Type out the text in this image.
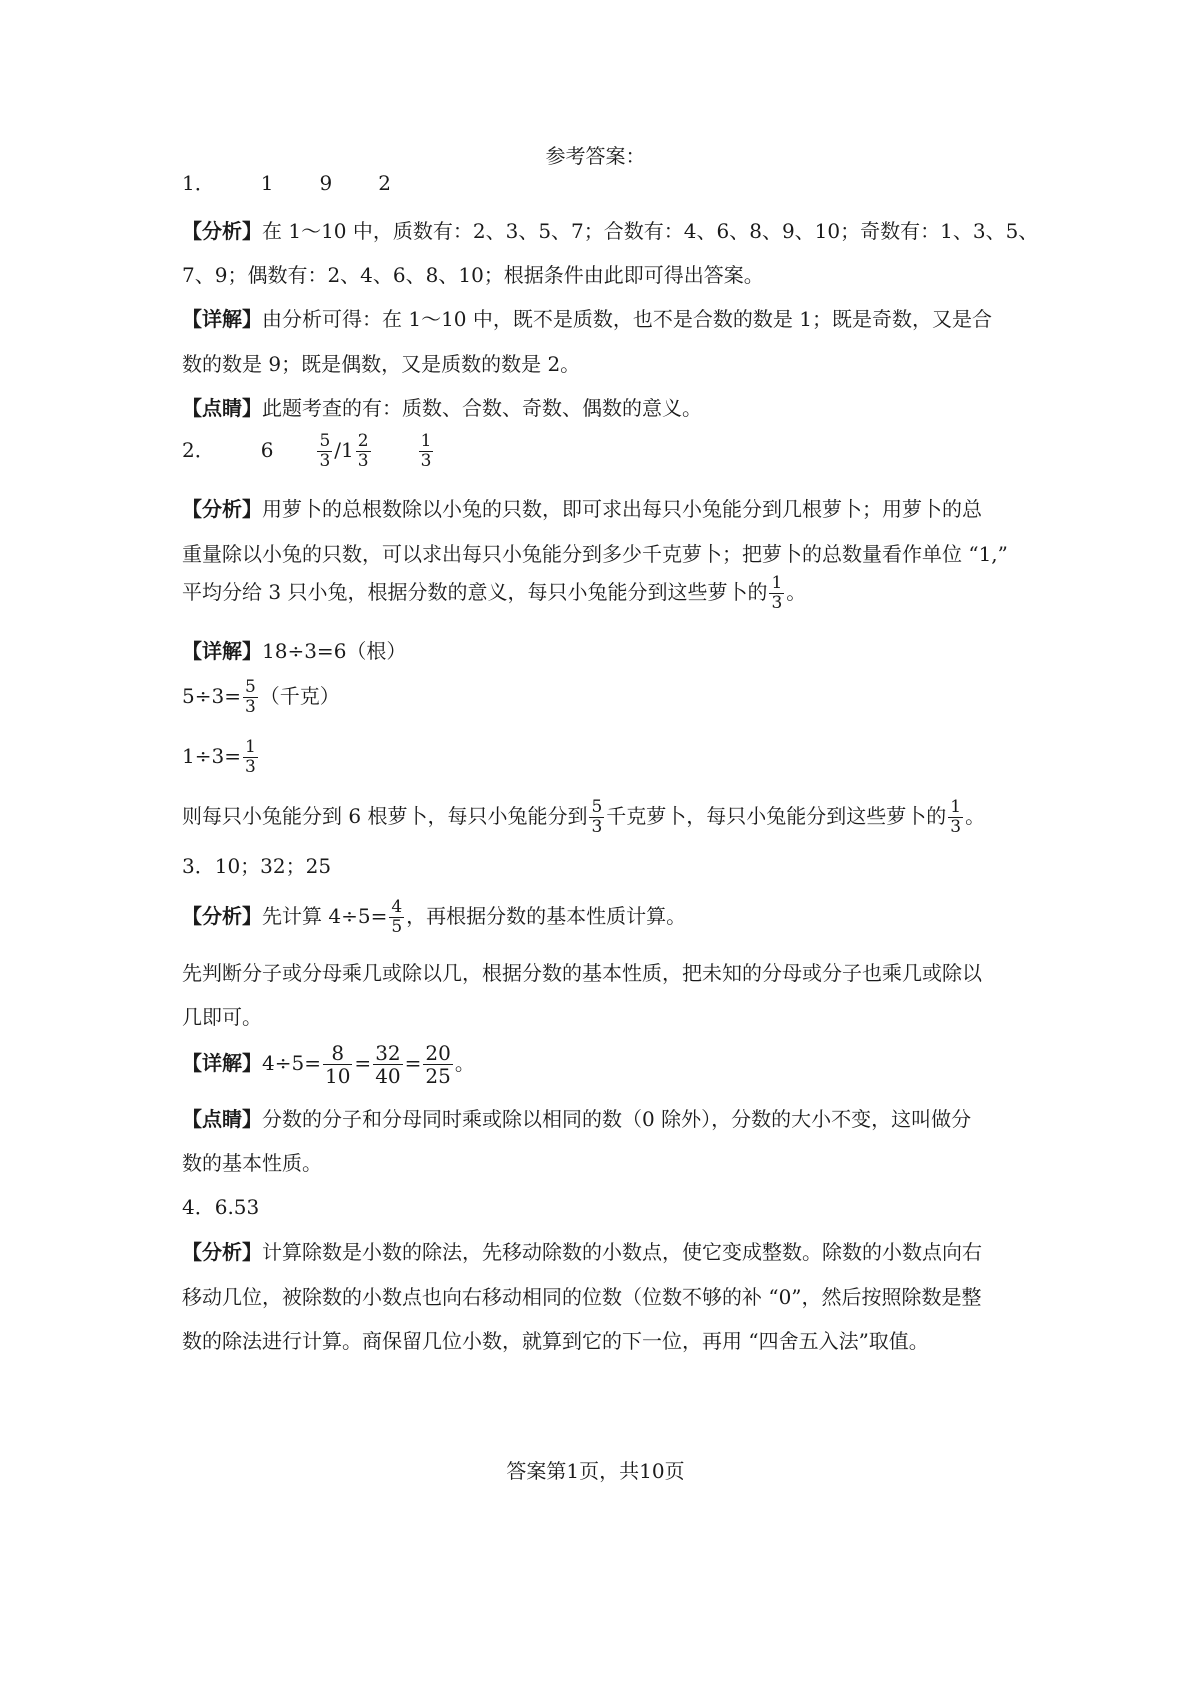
参考答案：
1． 1 9 2
【分析】在 1～10 中，质数有：2、3、5、7；合数有：4、6、8、9、10；奇数有：1、3、5、
7、9；偶数有：2、4、6、8、10；根据条件由此即可得出答案。
【详解】由分析可得：在 1～10 中，既不是质数，也不是合数的数是 1；既是奇数，又是合
数的数是 9；既是偶数，又是质数的数是 2。
【点睛】此题考查的有：质数、合数、奇数、偶数的意义。
2． 6	$\frac{5}{3} /1 \frac{2}{3}$	$\frac{1}{3}$
【分析】用萝卜的总根数除以小兔的只数，即可求出每只小兔能分到几根萝卜；用萝卜的总
重量除以小兔的只数，可以求出每只小兔能分到多少千克萝卜；把萝卜的总数量看作单位 “1,”
平均分给 3 只小兔，根据分数的意义，每只小兔能分到这些萝卜的 $\frac{1}{3}$ 。
【详解】18÷3=6（根）
$5\div 3= \frac{5}{3}$ （千克）
$1\div 3= \frac{1}{3}$
则每只小兔能分到 6 根萝卜，每只小兔能分到 $\frac{5}{3}$ 千克萝卜，每只小兔能分到这些萝卜的 $\frac{1}{3}$ 。
3．10；32；25
【分析】先计算 $4\div 5= \frac{4}{5}$ ，再根据分数的基本性质计算。
先判断分子或分母乘几或除以几，根据分数的基本性质，把未知的分母或分子也乘几或除以
几即可。
【详解】$4\div 5= \frac{8}{10} = \frac{32}{40} = \frac{20}{25}$ 。
【点睛】分数的分子和分母同时乘或除以相同的数（0 除外），分数的大小不变，这叫做分
数的基本性质。
4．6.53
【分析】计算除数是小数的除法，先移动除数的小数点，使它变成整数。除数的小数点向右
移动几位，被除数的小数点也向右移动相同的位数（位数不够的补 “0”，然后按照除数是整
数的除法进行计算。商保留几位小数，就算到它的下一位，再用 “四舍五入法”取值。
答案第1页，共10页
